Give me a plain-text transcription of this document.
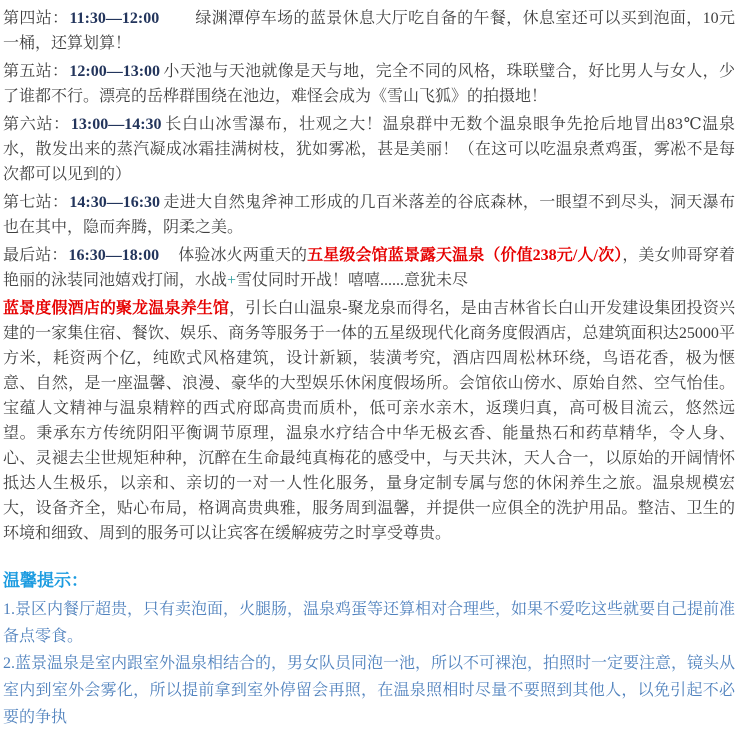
第四站：11:30—12:00　　绿渊潭停车场的蓝景休息大厅吃自备的午餐，休息室还可以买到泡面，10元一桶，还算划算！

第五站：12:00—13:00 小天池与天池就像是天与地，完全不同的风格，珠联璧合，好比男人与女人，少了谁都不行。漂亮的岳桦群围绕在池边，难怪会成为《雪山飞狐》的拍摄地！

第六站：13:00—14:30 长白山冰雪瀑布，壮观之大！温泉群中无数个温泉眼争先抢后地冒出83℃温泉水，散发出来的蒸汽凝成冰霜挂满树枝，犹如雾凇，甚是美丽！（在这可以吃温泉煮鸡蛋，雾凇不是每次都可以见到的）

第七站：14:30—16:30 走进大自然鬼斧神工形成的几百米落差的谷底森林，一眼望不到尽头，洞天瀑布也在其中，隐而奔腾，阴柔之美。

最后站：16:30—18:00　体验冰火两重天的五星级会馆蓝景露天温泉（价值238元/人/次），美女帅哥穿着艳丽的泳装同池嬉戏打闹，水战+雪仗同时开战！嘻嘻......意犹未尽

蓝景度假酒店的聚龙温泉养生馆，引长白山温泉-聚龙泉而得名，是由吉林省长白山开发建设集团投资兴建的一家集住宿、餐饮、娱乐、商务等服务于一体的五星级现代化商务度假酒店，总建筑面积达25000平方米，耗资两个亿，纯欧式风格建筑，设计新颖，装潢考究，酒店四周松林环绕，鸟语花香，极为惬意、自然，是一座温馨、浪漫、豪华的大型娱乐休闲度假场所。会馆依山傍水、原始自然、空气怡佳。宝蕴人文精神与温泉精粹的西式府邸高贵而质朴，低可亲水亲木，返璞归真，高可极目流云，悠然远望。秉承东方传统阴阳平衡调节原理，温泉水疗结合中华无极玄香、能量热石和药草精华，令人身、心、灵褪去尘世规矩种种，沉醉在生命最纯真梅花的感受中，与天共沐，天人合一，以原始的开阔情怀抵达人生极乐，以亲和、亲切的一对一人性化服务，量身定制专属与您的休闲养生之旅。温泉规模宏大，设备齐全，贴心布局，格调高贵典雅，服务周到温馨，并提供一应俱全的洗护用品。整洁、卫生的环境和细致、周到的服务可以让宾客在缓解疲劳之时享受尊贵。

温馨提示：

1.景区内餐厅超贵，只有卖泡面，火腿肠，温泉鸡蛋等还算相对合理些，如果不爱吃这些就要自己提前准备点零食。

2.蓝景温泉是室内跟室外温泉相结合的，男女队员同泡一池，所以不可裸泡，拍照时一定要注意，镜头从室内到室外会雾化，所以提前拿到室外停留会再照，在温泉照相时尽量不要照到其他人，以免引起不必要的争执
